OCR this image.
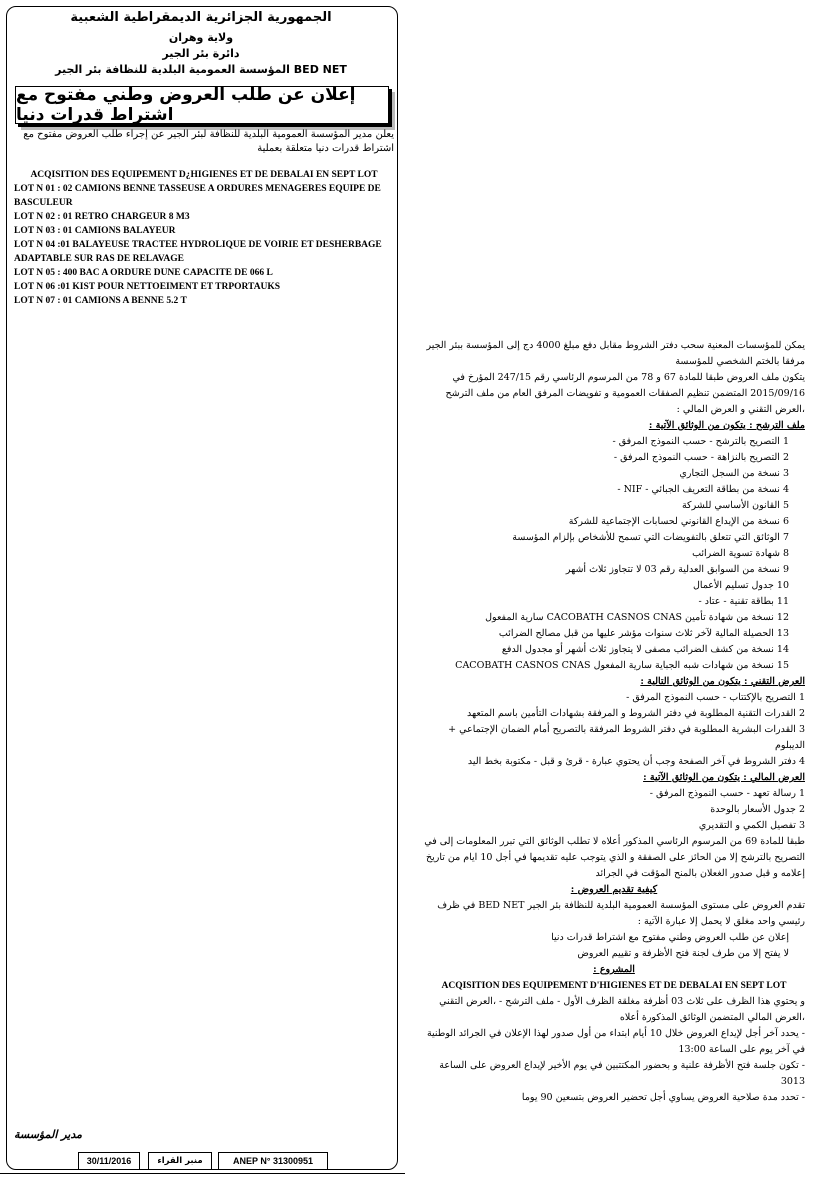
الجمهورية الجزائرية الديمقراطية الشعبية
ولاية وهران
دائرة بئر الجير
المؤسسة العمومية البلدية للنظافة بئر الجير BED NET
إعلان عن طلب العروض وطني مفتوح مع اشتراط قدرات دنيا
يعلن مدير المؤسسة العمومية البلدية للنظافة لبئر الجير عن إجراء طلب العروض مفتوح مع اشتراط قدرات دنيا متعلقة بعملية

ACQISITION DES EQUIPEMENT D¿HIGIENES ET DE DEBALAI EN SEPT LOT

LOT N 01 : 02 CAMIONS BENNE TASSEUSE A ORDURES MENAGERES EQUIPE DE BASCULEUR

LOT N 02 : 01 RETRO CHARGEUR 8 M3

LOT N 03 : 01 CAMIONS BALAYEUR

LOT N 04 :01 BALAYEUSE TRACTEE HYDROLIQUE DE VOIRIE ET DESHERBAGE ADAPTABLE SUR RAS DE RELAVAGE

LOT N 05 : 400 BAC A ORDURE DUNE CAPACITE DE 066 L

LOT N 06 :01 KIST POUR NETTOEIMENT ET TRPORTAUKS

LOT N 07 : 01 CAMIONS A BENNE 5.2 T

يمكن للمؤسسات المعنية سحب دفتر الشروط مقابل دفع مبلغ 4000 دج إلى المؤسسة ببئر الجير مرفقا بالختم الشخصي للمؤسسة

يتكون ملف العروض طبقا للمادة 67 و 78 من المرسوم الرئاسي رقم 247/15 المؤرخ في 2015/09/16 المتضمن تنظيم الصفقات العمومية و تفويضات المرفق العام من ملف الترشح ،العرض التقني و العرض المالي :

ملف الترشح : يتكون من الوثائق الآتية :

1 التصريح بالترشح - حسب النموذج المرفق -

2 التصريح بالنزاهة - حسب النموذج المرفق -

3 نسخة من السجل التجاري

4 نسخة من بطاقة التعريف الجبائي - NIF -

5 القانون الأساسي للشركة

6 نسخة من الإيداع القانوني لحسابات الإجتماعية للشركة

7 الوثائق التي تتعلق بالتفويضات التي تسمح للأشخاص بإلزام المؤسسة

8 شهادة تسوية الضرائب

9 نسخة من السوابق العدلية رقم 03 لا تتجاوز ثلاث أشهر

10 جدول تسليم الأعمال

11 بطاقة تقنية - عتاد -

12 نسخة من شهادة تأمين CACOBATH CASNOS CNAS سارية المفعول

13 الحصيلة المالية لآخر ثلاث سنوات مؤشر عليها من قبل مصالح الضرائب

14 نسخة من كشف الضرائب مصفى لا يتجاوز ثلاث أشهر أو مجدول الدفع

15 نسخة من شهادات شبه الجباية سارية المفعول CACOBATH CASNOS CNAS

العرض التقني : يتكون من الوثائق التالية :

1 التصريح بالإكتتاب - حسب النموذج المرفق -

2 القدرات التقنية المطلوبة في دفتر الشروط و المرفقة بشهادات التأمين باسم المتعهد

3 القدرات البشرية المطلوبة في دفتر الشروط المرفقة بالتصريح أمام الضمان الإجتماعي + الديبلوم

4 دفتر الشروط في آخر الصفحة وجب أن يحتوي عبارة - قرئ و قبل - مكتوبة بخط اليد

العرض المالي : يتكون من الوثائق الآتية :

1 رسالة تعهد - حسب النموذج المرفق -

2 جدول الأسعار بالوحدة

3 تفصيل الكمي و التقديري

طبقا للمادة 69 من المرسوم الرئاسي المذكور أعلاه لا تطلب الوثائق التي تبرر المعلومات إلى في التصريح بالترشح إلا من الحائز على الصفقة و الذي يتوجب عليه تقديمها في أجل 10 ايام من تاريخ إعلامه و قبل صدور الغعلان بالمنح المؤقت في الجرائد

كيفية تقديم العروض :

تقدم العروض على مستوى المؤسسة العمومية البلدية للنظافة بئر الجير BED NET في ظرف رئيسي واحد مغلق لا يحمل إلا عبارة الآتية :

إعلان عن طلب العروض وطني مفتوح مع اشتراط قدرات دنيا

لا يفتح إلا من طرف لجنة فتح الأظرفة و تقييم العروض

المشروع :

ACQISITION DES EQUIPEMENT D'HIGIENES ET DE DEBALAI EN SEPT LOT

و يحتوي هذا الظرف على ثلاث 03 أظرفة مغلقة الظرف الأول - ملف الترشح - ،العرض التقني ،العرض المالي المتضمن الوثائق المذكورة أعلاه

- يحدد آخر أجل لإيداع العروض خلال 10 أيام ابتداء من أول صدور لهذا الإعلان في الجرائد الوطنية في آخر يوم على الساعة 13:00

- تكون جلسة فتح الأظرفة علنية و بحضور المكتتبين في يوم الأخير لإيداع العروض على الساعة 3013

- تحدد مدة صلاحية العروض يساوي أجل تحضير العروض بتسعين 90 يوما

مدير المؤسسة
30/11/2016	منبر القراء	ANEP N° 31300951
